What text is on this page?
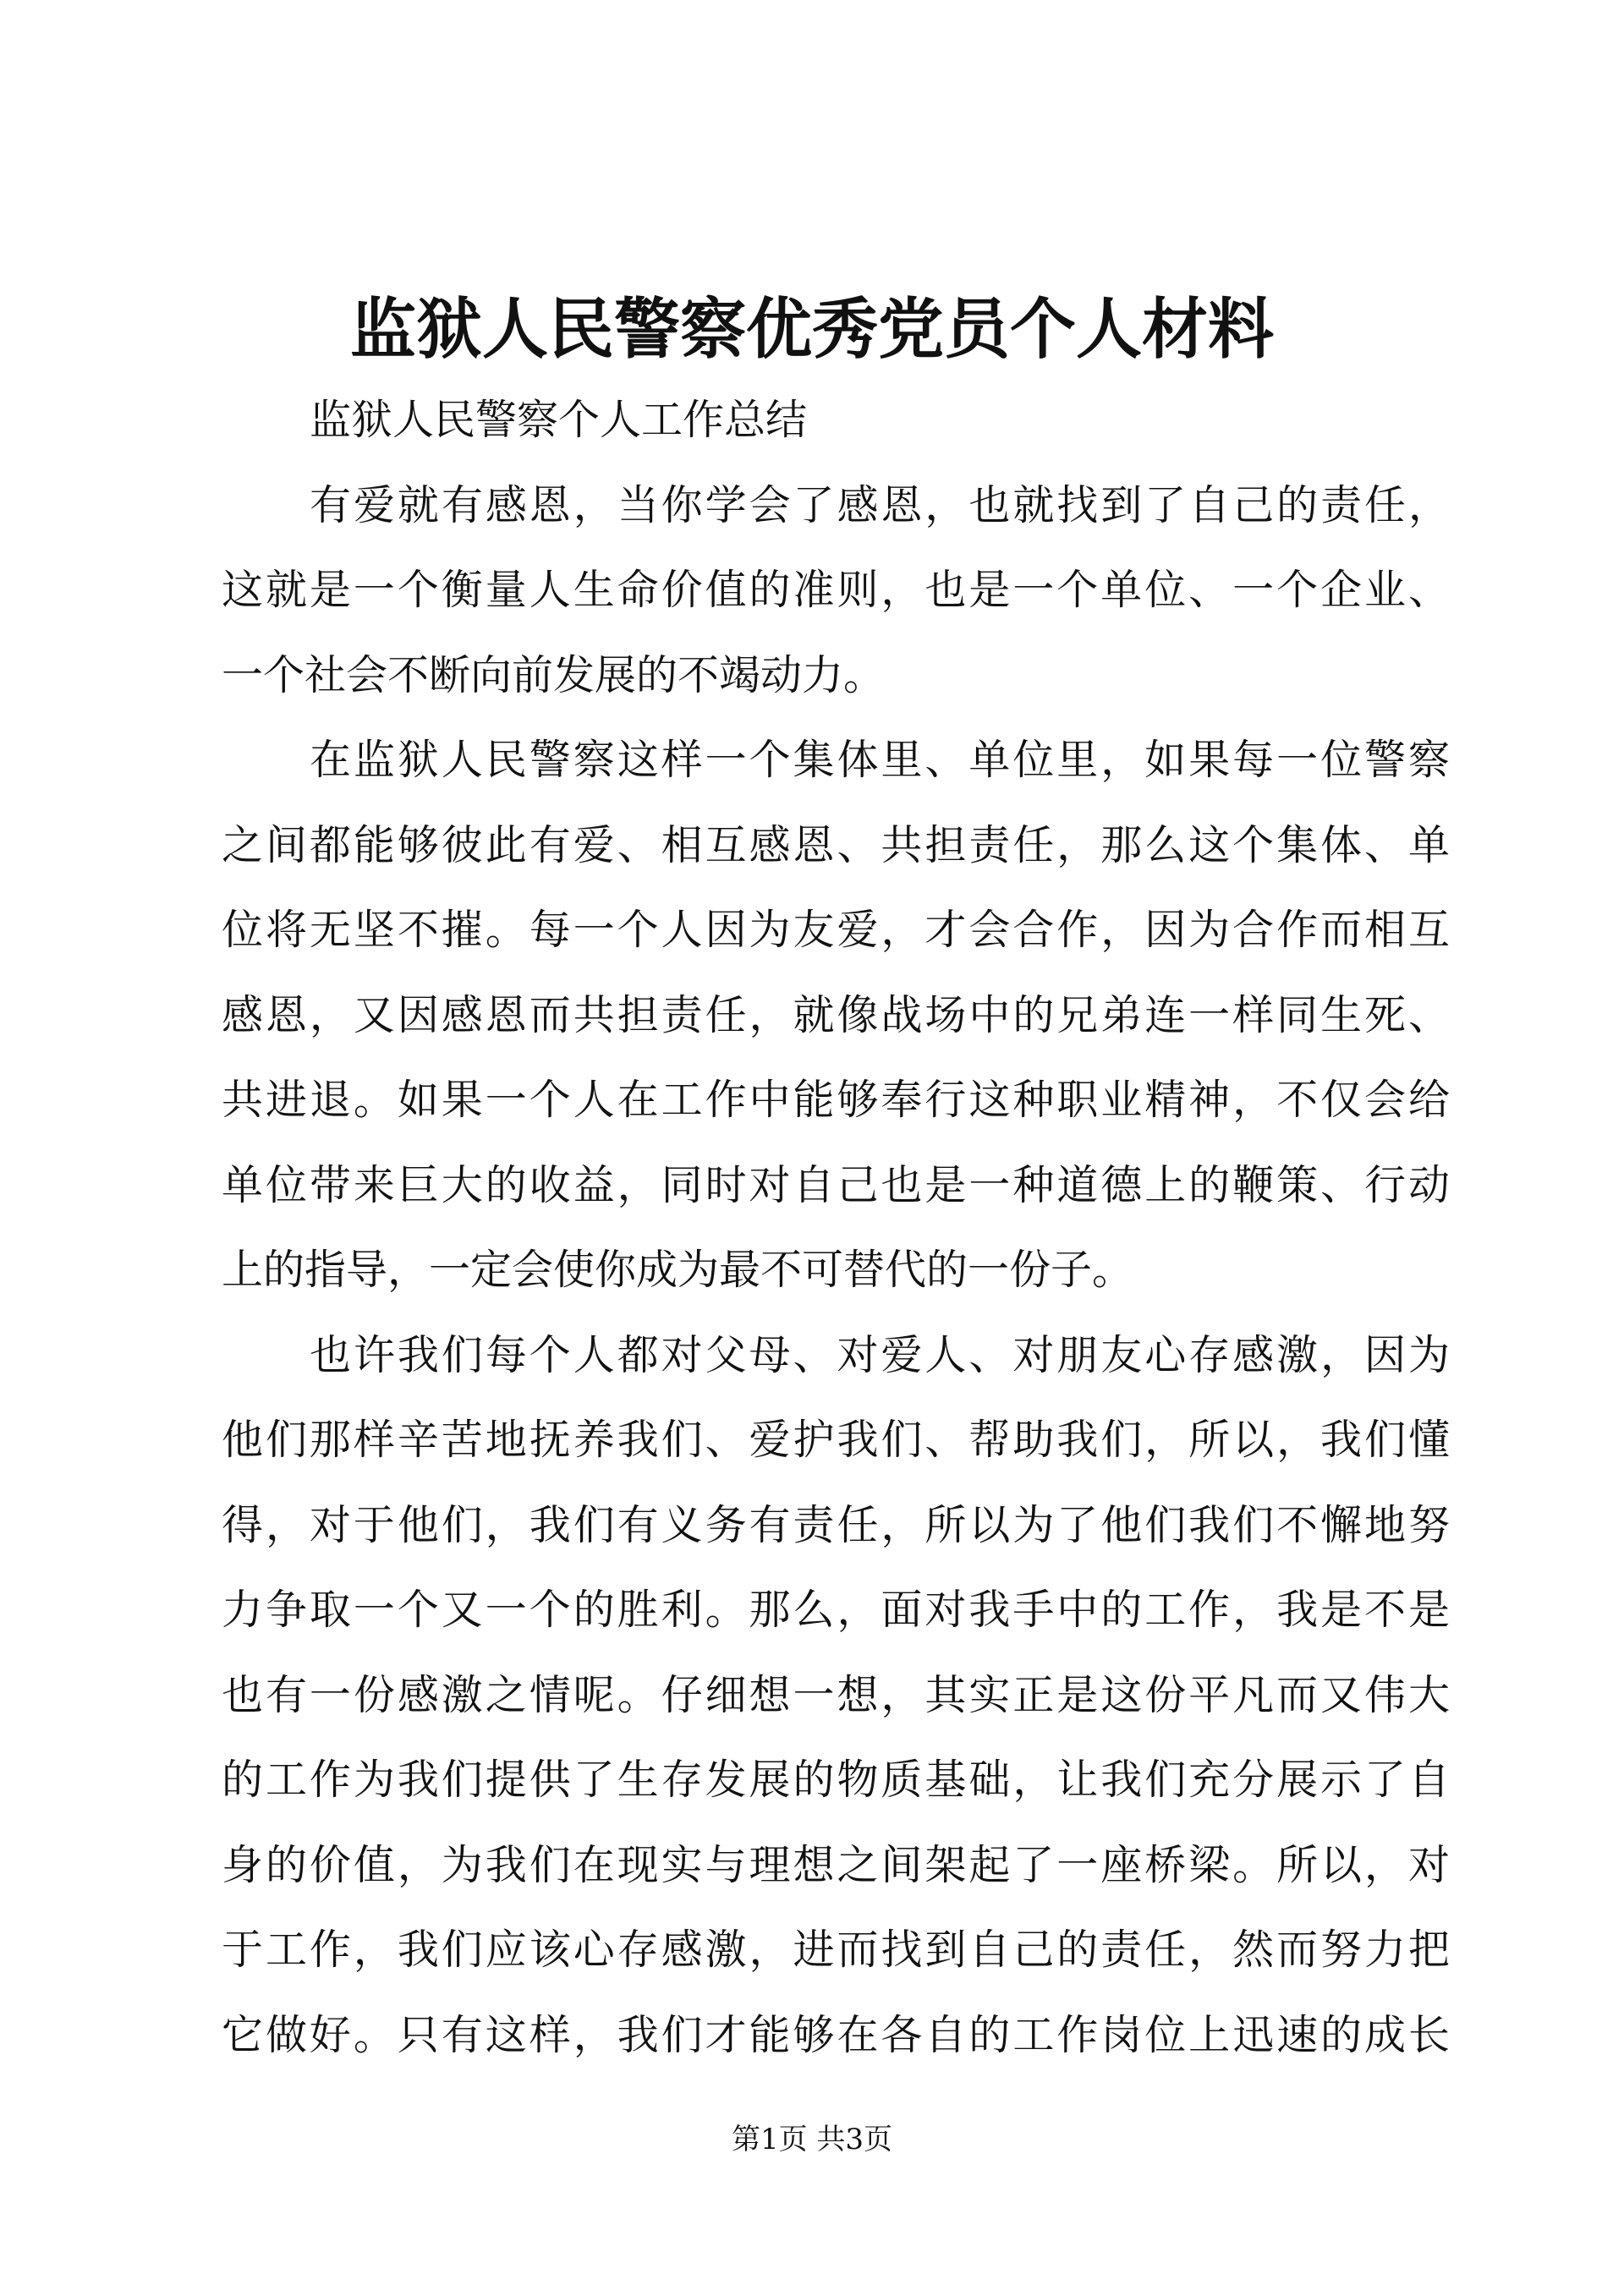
监狱人民警察优秀党员个人材料
监狱人民警察个人工作总结
有爱就有感恩，当你学会了感恩，也就找到了自己的责任，
这就是一个衡量人生命价值的准则，也是一个单位、一个企业、
一个社会不断向前发展的不竭动力。
在监狱人民警察这样一个集体里、单位里，如果每一位警察
之间都能够彼此有爱、相互感恩、共担责任，那么这个集体、单
位将无坚不摧。每一个人因为友爱，才会合作，因为合作而相互
感恩，又因感恩而共担责任，就像战场中的兄弟连一样同生死、
共进退。如果一个人在工作中能够奉行这种职业精神，不仅会给
单位带来巨大的收益，同时对自己也是一种道德上的鞭策、行动
上的指导，一定会使你成为最不可替代的一份子。
也许我们每个人都对父母、对爱人、对朋友心存感激，因为
他们那样辛苦地抚养我们、爱护我们、帮助我们，所以，我们懂
得，对于他们，我们有义务有责任，所以为了他们我们不懈地努
力争取一个又一个的胜利。那么，面对我手中的工作，我是不是
也有一份感激之情呢。仔细想一想，其实正是这份平凡而又伟大
的工作为我们提供了生存发展的物质基础，让我们充分展示了自
身的价值，为我们在现实与理想之间架起了一座桥梁。所以，对
于工作，我们应该心存感激，进而找到自己的责任，然而努力把
它做好。只有这样，我们才能够在各自的工作岗位上迅速的成长
第1页 共3页
